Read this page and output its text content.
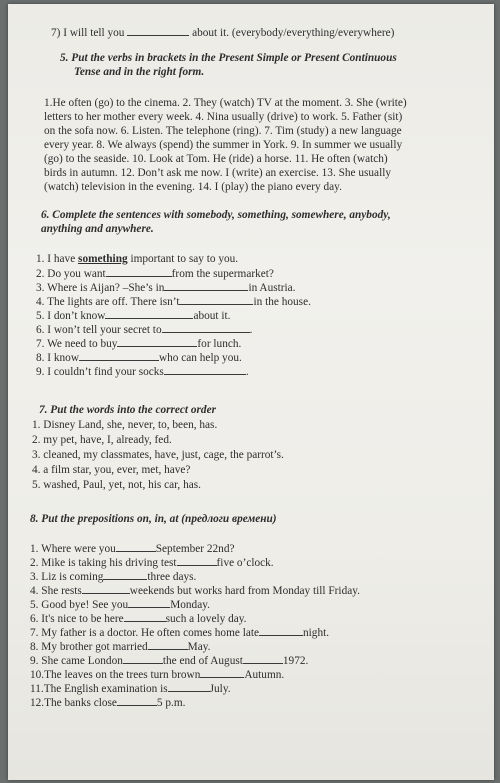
7) I will tell you	about it. (everybody/everything/everywhere)
5. Put the verbs in brackets in the Present Simple or Present Continuous
Tense and in the right form.
1.He often (go) to the cinema. 2. They (watch) TV at the moment. 3. She (write)
letters to her mother every week. 4. Nina usually (drive) to work. 5. Father (sit)
on the sofa now. 6. Listen. The telephone (ring). 7. Tim (study) a new language
every year. 8. We always (spend) the summer in York. 9. In summer we usually
(go) to the seaside. 10. Look at Tom. He (ride) a horse. 11. He often (watch)
birds in autumn. 12. Don’t ask me now. I (write) an exercise. 13. She usually
(watch) television in the evening. 14. I (play) the piano every day.
6. Complete the sentences with somebody, something, somewhere, anybody,
anything and anywhere.
1. I have something important to say to you.
2. Do you want	from the supermarket?
3. Where is Aijan? –She’s in	in Austria.
4. The lights are off. There isn’t	in the house.
5. I don’t know	about it.
6. I won’t tell your secret to	.
7. We need to buy	for lunch.
8. I know	who can help you.
9. I couldn’t find your socks	.
7. Put the words into the correct order
1. Disney Land, she, never, to, been, has.
2. my pet, have, I, already, fed.
3. cleaned, my classmates, have, just, cage, the parrot’s.
4. a film star, you, ever, met, have?
5. washed, Paul, yet, not, his car, has.
8. Put the prepositions on, in, at (предлоги времени)
1. Where were you	September 22nd?
2. Mike is taking his driving test	five o’clock.
3. Liz is coming	three days.
4. She rests	weekends but works hard from Monday till Friday.
5. Good bye! See you	Monday.
6. It's nice to be here	such a lovely day.
7. My father is a doctor. He often comes home late	night.
8. My brother got married	May.
9. She came London	the end of August	1972.
10.The leaves on the trees turn brown	Autumn.
11.The English examination is	July.
12.The banks close	5 p.m.
